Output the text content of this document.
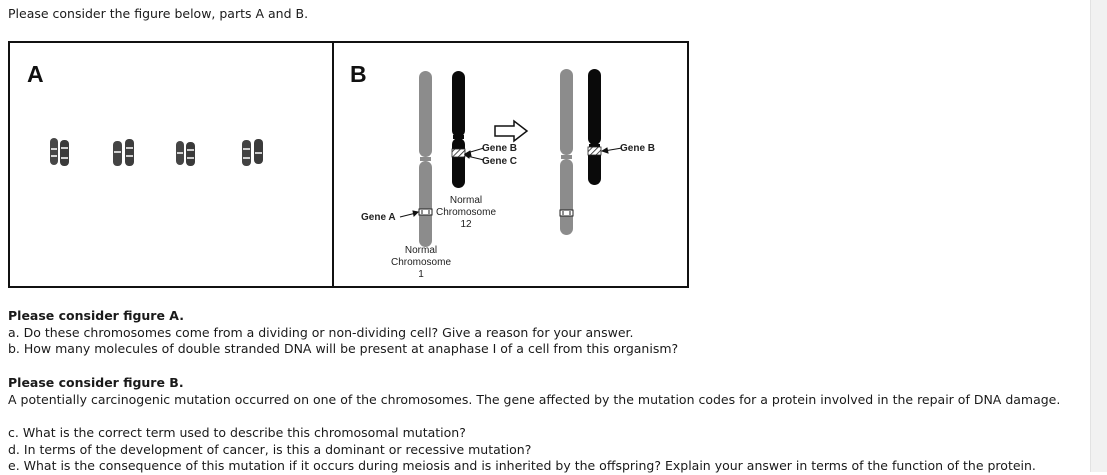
Please consider the figure below, parts A and B.
A	B
Gene A
Gene B
Gene C
Gene B
Normal
Chromosome
12
Normal
Chromosome
1
Please consider figure A.
a. Do these chromosomes come from a dividing or non-dividing cell? Give a reason for your answer.
b. How many molecules of double stranded DNA will be present at anaphase I of a cell from this organism?
Please consider figure B.
A potentially carcinogenic mutation occurred on one of the chromosomes. The gene affected by the mutation codes for a protein involved in the repair of DNA damage.
c. What is the correct term used to describe this chromosomal mutation?
d. In terms of the development of cancer, is this a dominant or recessive mutation?
e. What is the consequence of this mutation if it occurs during meiosis and is inherited by the offspring? Explain your answer in terms of the function of the protein.
